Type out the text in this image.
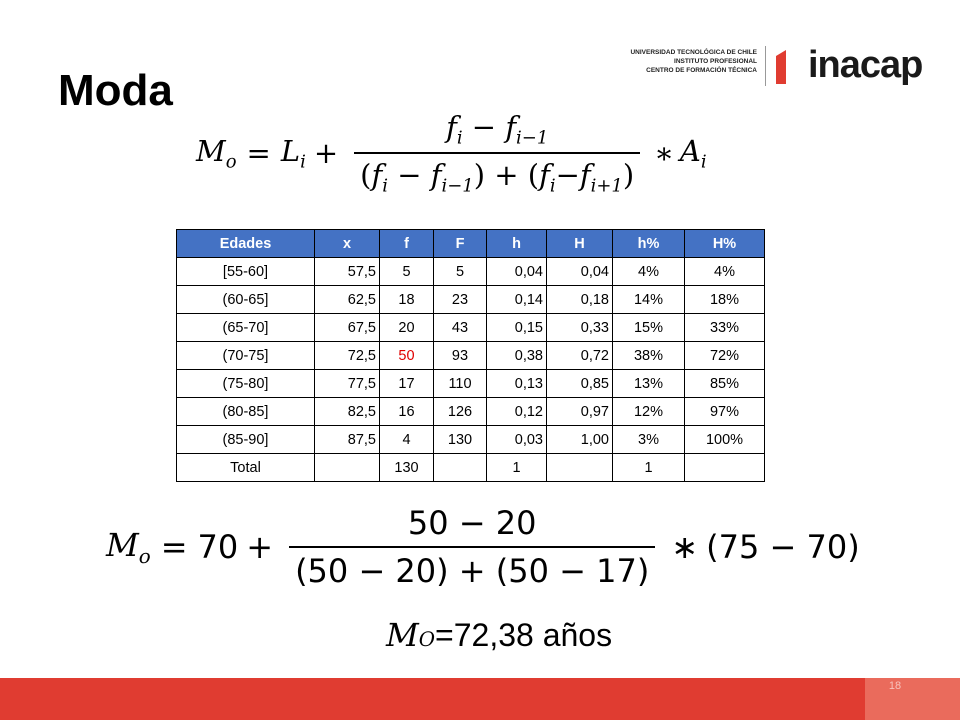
Moda
UNIVERSIDAD TECNOLÓGICA DE CHILE
INSTITUTO PROFESIONAL
CENTRO DE FORMACIÓN TÉCNICA inacap
$M_o = L_i + \frac{f_i - f_{i-1}}{(f_i - f_{i-1}) + (f_i-f_{i+1})}$ ∗ $A_i$
Edades	x	f	F	h	H	h%	H%
[55-60]	57,5	5	5	0,04	0,04	4%	4%
(60-65]	62,5	18	23	0,14	0,18	14%	18%
(65-70]	67,5	20	43	0,15	0,33	15%	33%
(70-75]	72,5	50	93	0,38	0,72	38%	72%
(75-80]	77,5	17	110	0,13	0,85	13%	85%
(80-85]	82,5	16	126	0,12	0,97	12%	97%
(85-90]	87,5	4	130	0,03	1,00	3%	100%
Total		130		1		1	
$M_o = 70 + \frac{50 - 20}{(50 - 20) + (50 - 17)}$ ∗ (75 − 70)
M O =72,38 años
18
